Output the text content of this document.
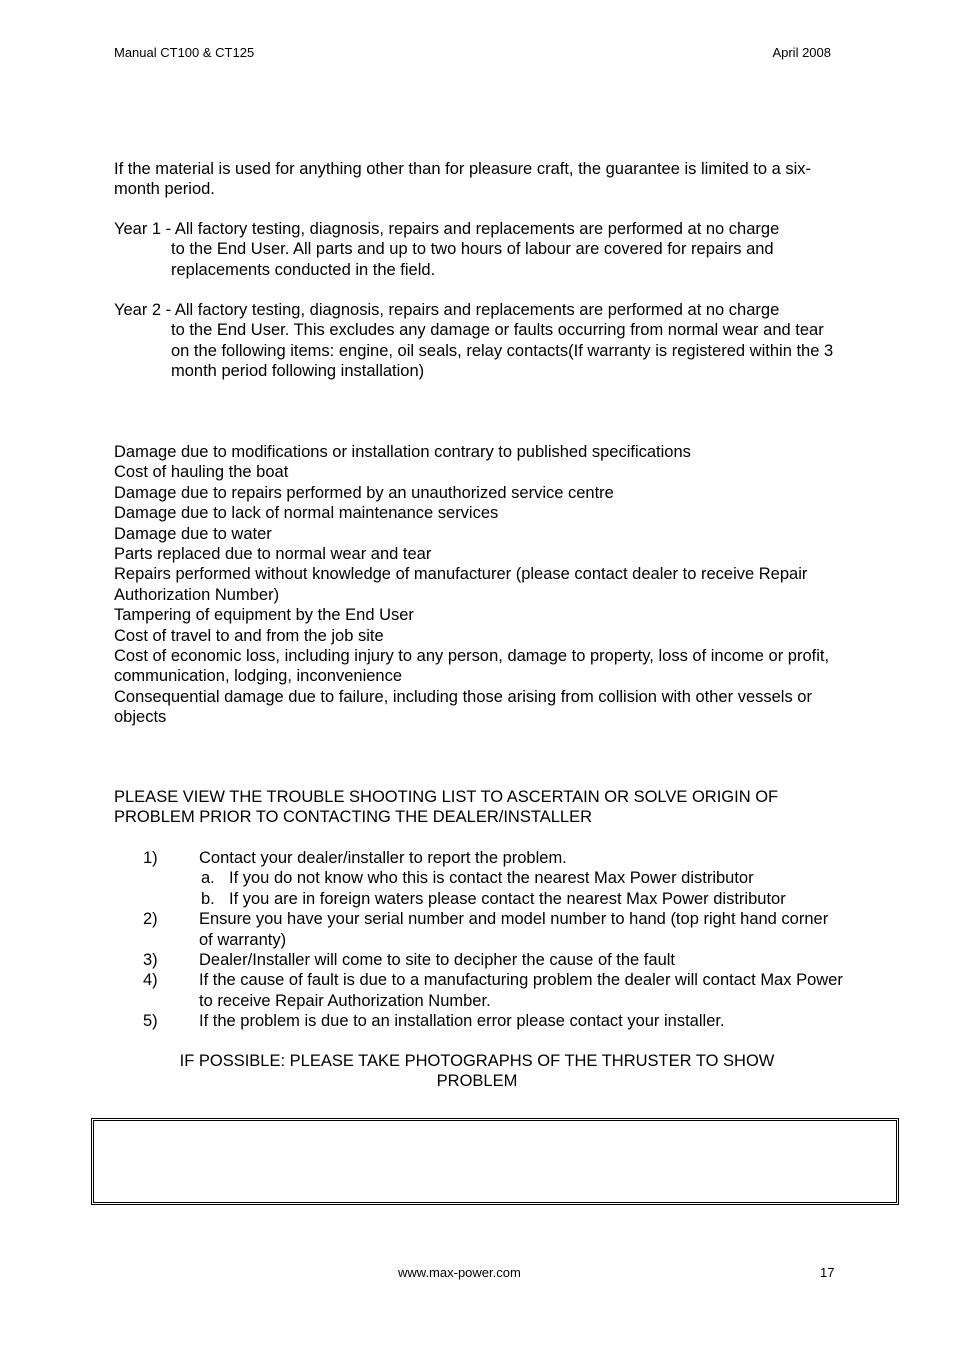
Manual CT100 & CT125	April 2008

If the material is used for anything other than for pleasure craft, the guarantee is limited to a six-month period.

Year 1 - All factory testing, diagnosis, repairs and replacements are performed at no charge
to the End User. All parts and up to two hours of labour are covered for repairs and replacements conducted in the field.
Year 2 - All factory testing, diagnosis, repairs and replacements are performed at no charge
to the End User. This excludes any damage or faults occurring from normal wear and tear on the following items: engine, oil seals, relay contacts(If warranty is registered within the 3 month period following installation)

Damage due to modifications or installation contrary to published specifications

Cost of hauling the boat

Damage due to repairs performed by an unauthorized service centre

Damage due to lack of normal maintenance services

Damage due to water

Parts replaced due to normal wear and tear

Repairs performed without knowledge of manufacturer (please contact dealer to receive Repair Authorization Number)

Tampering of equipment by the End User

Cost of travel to and from the job site

Cost of economic loss, including injury to any person, damage to property, loss of income or profit, communication, lodging, inconvenience

Consequential damage due to failure, including those arising from collision with other vessels or objects

PLEASE VIEW THE TROUBLE SHOOTING LIST TO ASCERTAIN OR SOLVE ORIGIN OF PROBLEM PRIOR TO CONTACTING THE DEALER/INSTALLER

1)	Contact your dealer/installer to report the problem.
a. If you do not know who this is contact the nearest Max Power distributor
b. If you are in foreign waters please contact the nearest Max Power distributor
2)	Ensure you have your serial number and model number to hand (top right hand corner of warranty)
3)	Dealer/Installer will come to site to decipher the cause of the fault
4)	If the cause of fault is due to a manufacturing problem the dealer will contact Max Power to receive Repair Authorization Number.
5)	If the problem is due to an installation error please contact your installer.

IF POSSIBLE: PLEASE TAKE PHOTOGRAPHS OF THE THRUSTER TO SHOW PROBLEM

www.max-power.com	17
